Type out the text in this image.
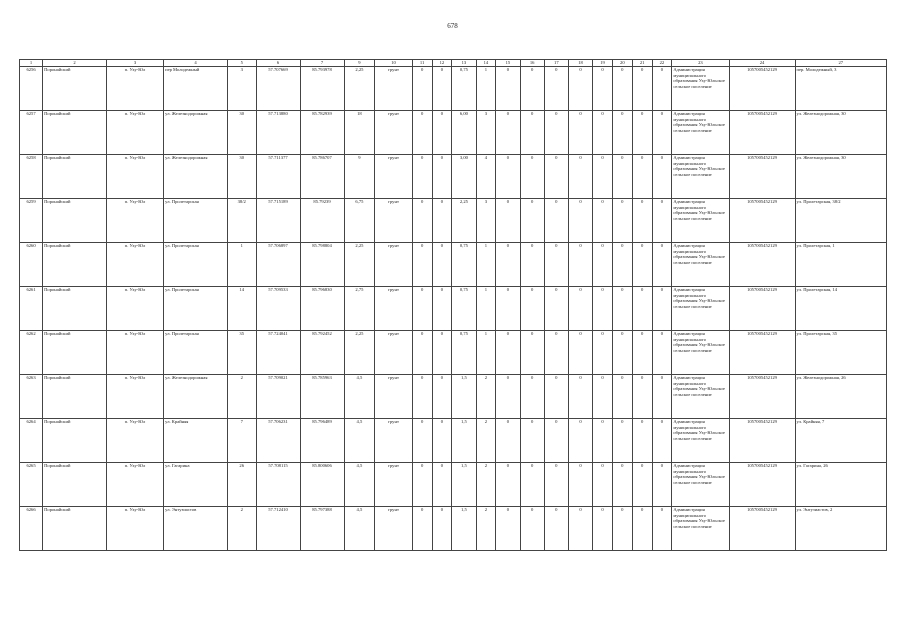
678
1	2	3	4	5	6	7	9	10	11	12	13	14	15	16	17	18	19	20	21	22	23	24	27
6256	Поронайский	п. Уху-Юл	пер Молодежный	3	57.707669	85.793978	2,25	грунт	0	0	0,75	1	0	0	0	0	0	0	0	0	Администрация муниципального образования Уху-Юльское сельское поселение	1057005452129	пер. Молодежный, 3
6257	Поронайский	п. Уху-Юл	ул. Железнодорожная	30	57.713880	85.782939	18	грунт	0	0	6,00	3	0	0	0	0	0	0	0	0	Администрация муниципального образования Уху-Юльское сельское поселение	1057005452129	ул. Железнодорожная, 30
6258	Поронайский	п. Уху-Юл	ул. Железнодорожная	30	57.711377	85.786707	9	грунт	0	0	3,00	4	0	0	0	0	0	0	0	0	Администрация муниципального образования Уху-Юльское сельское поселение	1057005452129	ул. Железнодорожная, 30
6259	Поронайский	п. Уху-Юл	ул. Пролетарская	38/2	57.715189	85.79239	6,75	грунт	0	0	2,25	3	0	0	0	0	0	0	0	0	Администрация муниципального образования Уху-Юльское сельское поселение	1057005452129	ул. Пролетарская, 38/2
6260	Поронайский	п. Уху-Юл	ул. Пролетарская	1	57.706897	85.798804	2,25	грунт	0	0	0,75	1	0	0	0	0	0	0	0	0	Администрация муниципального образования Уху-Юльское сельское поселение	1057005452129	ул. Пролетарская, 1
6261	Поронайский	п. Уху-Юл	ул. Пролетарская	14	57.709533	85.796830	2,75	грунт	0	0	0,75	1	0	0	0	0	0	0	0	0	Администрация муниципального образования Уху-Юльское сельское поселение	1057005452129	ул. Пролетарская, 14
6262	Поронайский	п. Уху-Юл	ул. Пролетарская	35	57.724041	85.792452	2,25	грунт	0	0	0,75	1	0	0	0	0	0	0	0	0	Администрация муниципального образования Уху-Юльское сельское поселение	1057005452129	ул. Пролетарская, 35
6263	Поронайский	п. Уху-Юл	ул. Железнодорожная	2	57.709021	85.785963	4,5	грунт	0	0	1,5	2	0	0	0	0	0	0	0	0	Администрация муниципального образования Уху-Юльское сельское поселение	1057005452129	ул. Железнодорожная, 26
6264	Поронайский	п. Уху-Юл	ул. Крайняя	7	57.706231	85.796489	4,5	грунт	0	0	1,5	2	0	0	0	0	0	0	0	0	Администрация муниципального образования Уху-Юльское сельское поселение	1057005452129	ул. Крайняя, 7
6265	Поронайский	п. Уху-Юл	ул. Гагарина	26	57.708115	85.800606	4,5	грунт	0	0	1,5	2	0	0	0	0	0	0	0	0	Администрация муниципального образования Уху-Юльское сельское поселение	1057005452129	ул. Гагарина, 26
6266	Поронайский	п. Уху-Юл	ул. Энтузиастов	2	57.712410	85.797388	4,5	грунт	0	0	1,5	2	0	0	0	0	0	0	0	0	Администрация муниципального образования Уху-Юльское сельское поселение	1057005452129	ул. Энтузиастов, 2
